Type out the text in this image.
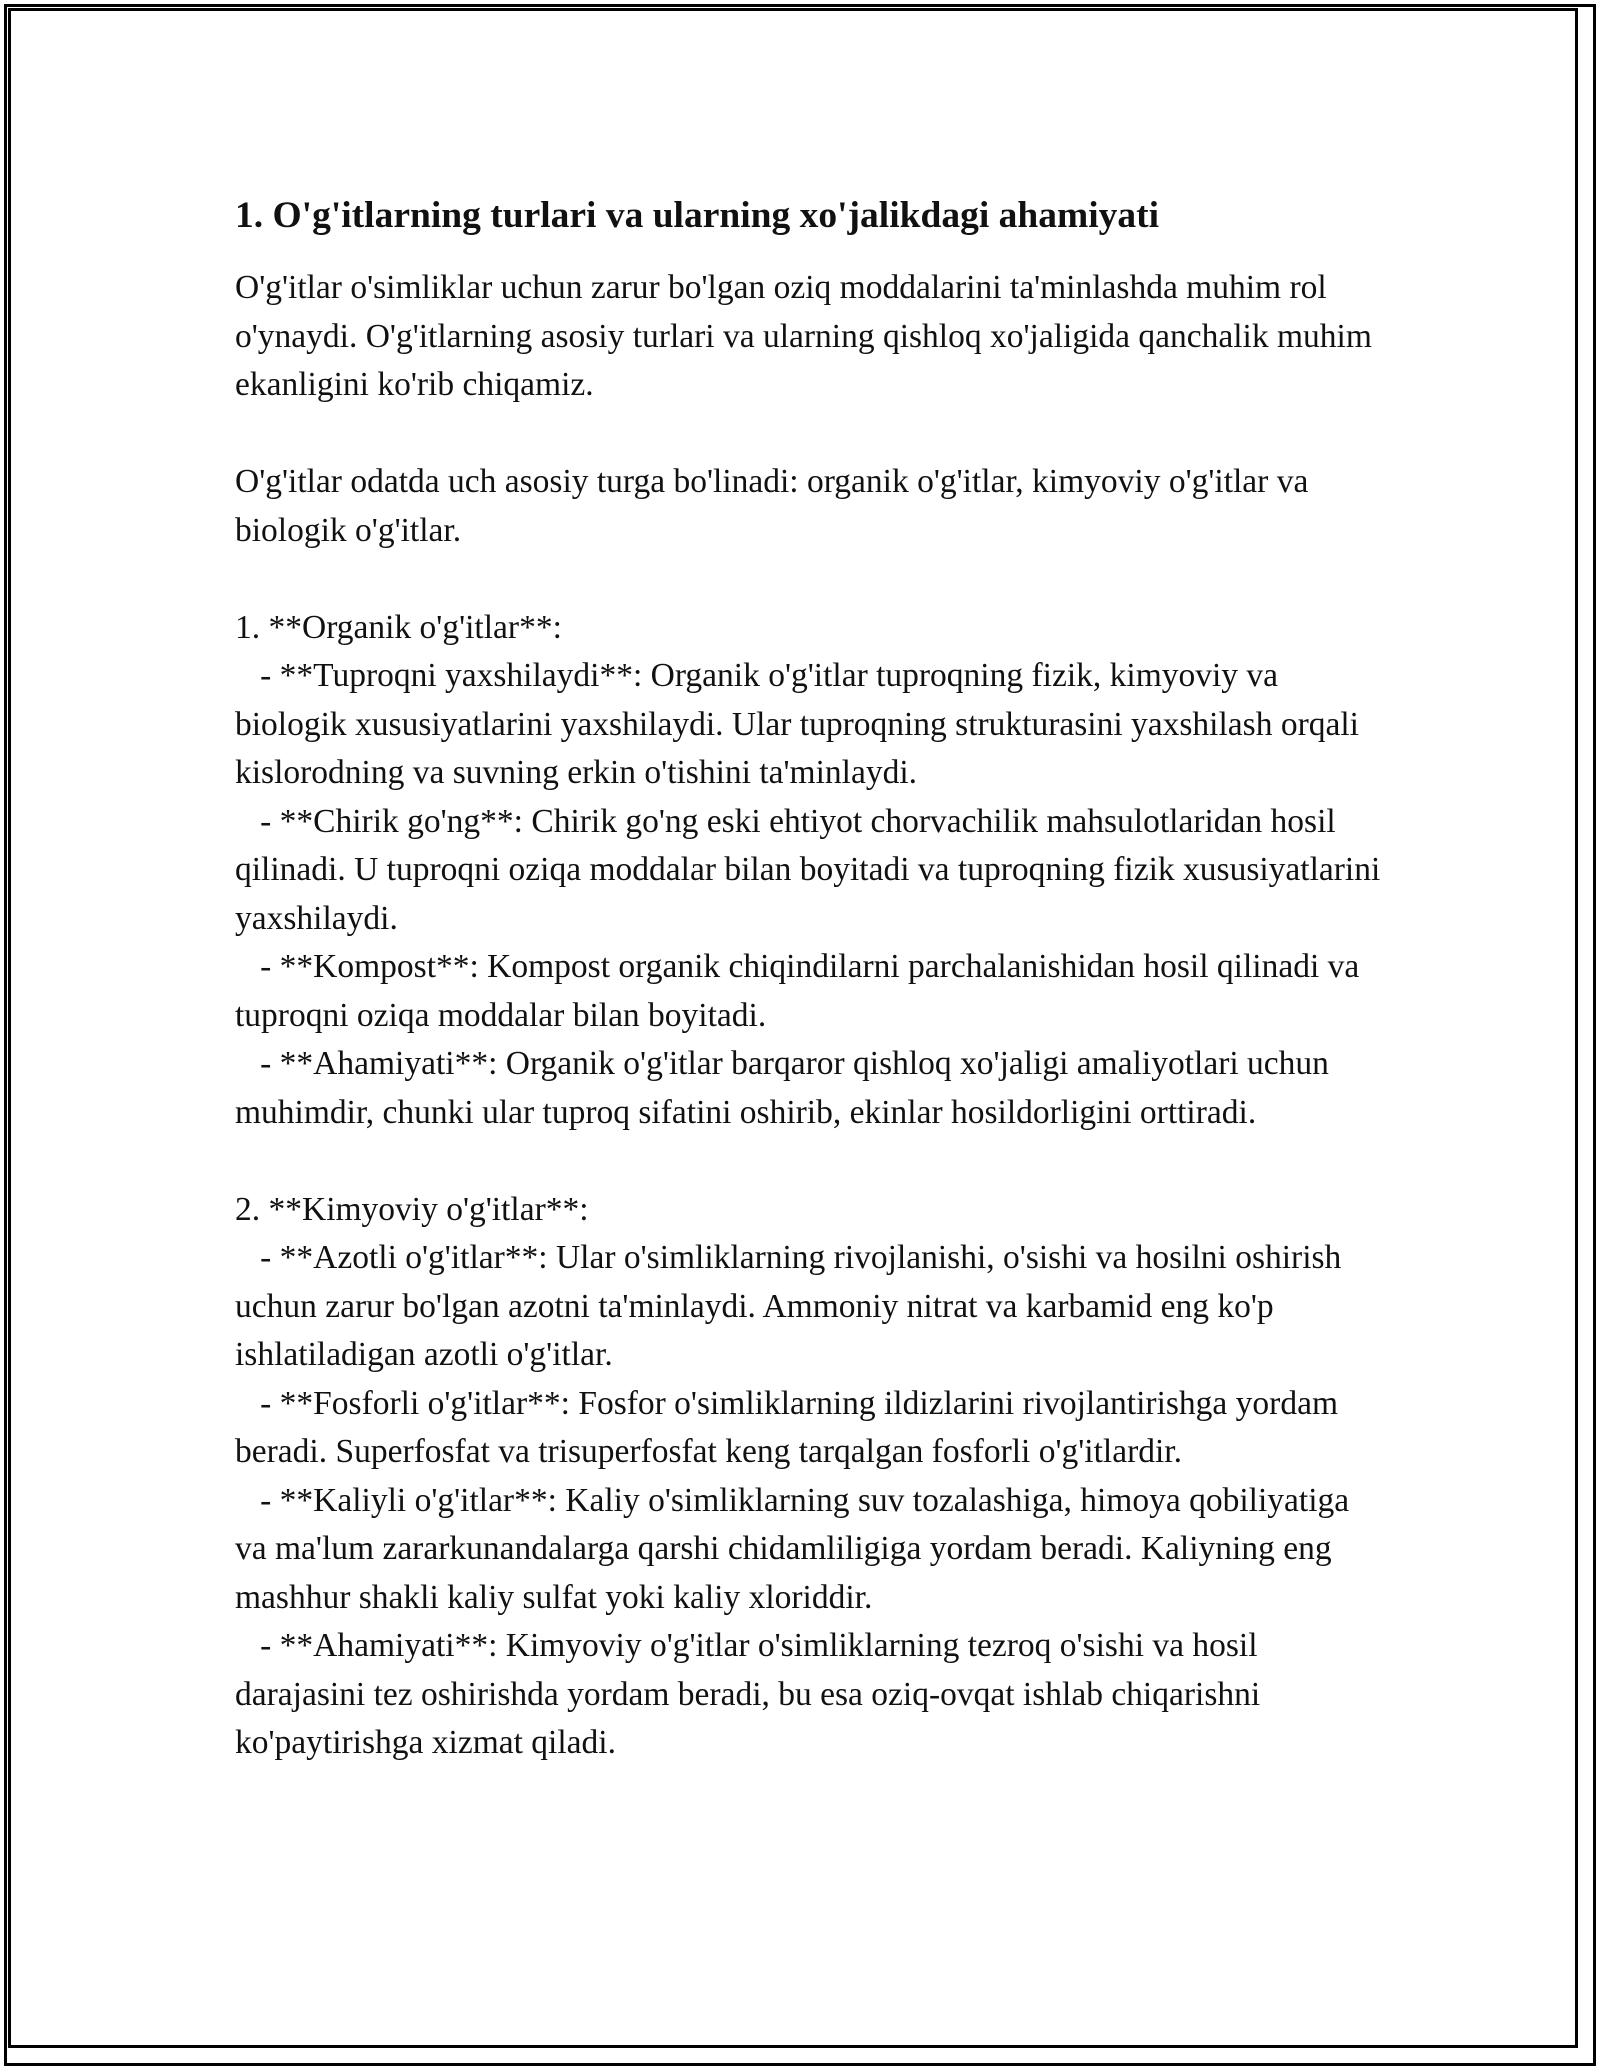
1. O'g'itlarning turlari va ularning xo'jalikdagi ahamiyati

O'g'itlar o'simliklar uchun zarur bo'lgan oziq moddalarini ta'minlashda muhim rol o'ynaydi. O'g'itlarning asosiy turlari va ularning qishloq xo'jaligida qanchalik muhim ekanligini ko'rib chiqamiz.

O'g'itlar odatda uch asosiy turga bo'linadi: organik o'g'itlar, kimyoviy o'g'itlar va biologik o'g'itlar.

1. **Organik o'g'itlar**:

- **Tuproqni yaxshilaydi**: Organik o'g'itlar tuproqning fizik, kimyoviy va biologik xususiyatlarini yaxshilaydi. Ular tuproqning strukturasini yaxshilash orqali kislorodning va suvning erkin o'tishini ta'minlaydi.

- **Chirik go'ng**: Chirik go'ng eski ehtiyot chorvachilik mahsulotlaridan hosil qilinadi. U tuproqni oziqa moddalar bilan boyitadi va tuproqning fizik xususiyatlarini yaxshilaydi.

- **Kompost**: Kompost organik chiqindilarni parchalanishidan hosil qilinadi va tuproqni oziqa moddalar bilan boyitadi.

- **Ahamiyati**: Organik o'g'itlar barqaror qishloq xo'jaligi amaliyotlari uchun muhimdir, chunki ular tuproq sifatini oshirib, ekinlar hosildorligini orttiradi.

2. **Kimyoviy o'g'itlar**:

- **Azotli o'g'itlar**: Ular o'simliklarning rivojlanishi, o'sishi va hosilni oshirish uchun zarur bo'lgan azotni ta'minlaydi. Ammoniy nitrat va karbamid eng ko'p ishlatiladigan azotli o'g'itlar.

- **Fosforli o'g'itlar**: Fosfor o'simliklarning ildizlarini rivojlantirishga yordam beradi. Superfosfat va trisuperfosfat keng tarqalgan fosforli o'g'itlardir.

- **Kaliyli o'g'itlar**: Kaliy o'simliklarning suv tozalashiga, himoya qobiliyatiga va ma'lum zararkunandalarga qarshi chidamliligiga yordam beradi. Kaliyning eng mashhur shakli kaliy sulfat yoki kaliy xloriddir.

- **Ahamiyati**: Kimyoviy o'g'itlar o'simliklarning tezroq o'sishi va hosil darajasini tez oshirishda yordam beradi, bu esa oziq-ovqat ishlab chiqarishni ko'paytirishga xizmat qiladi.
